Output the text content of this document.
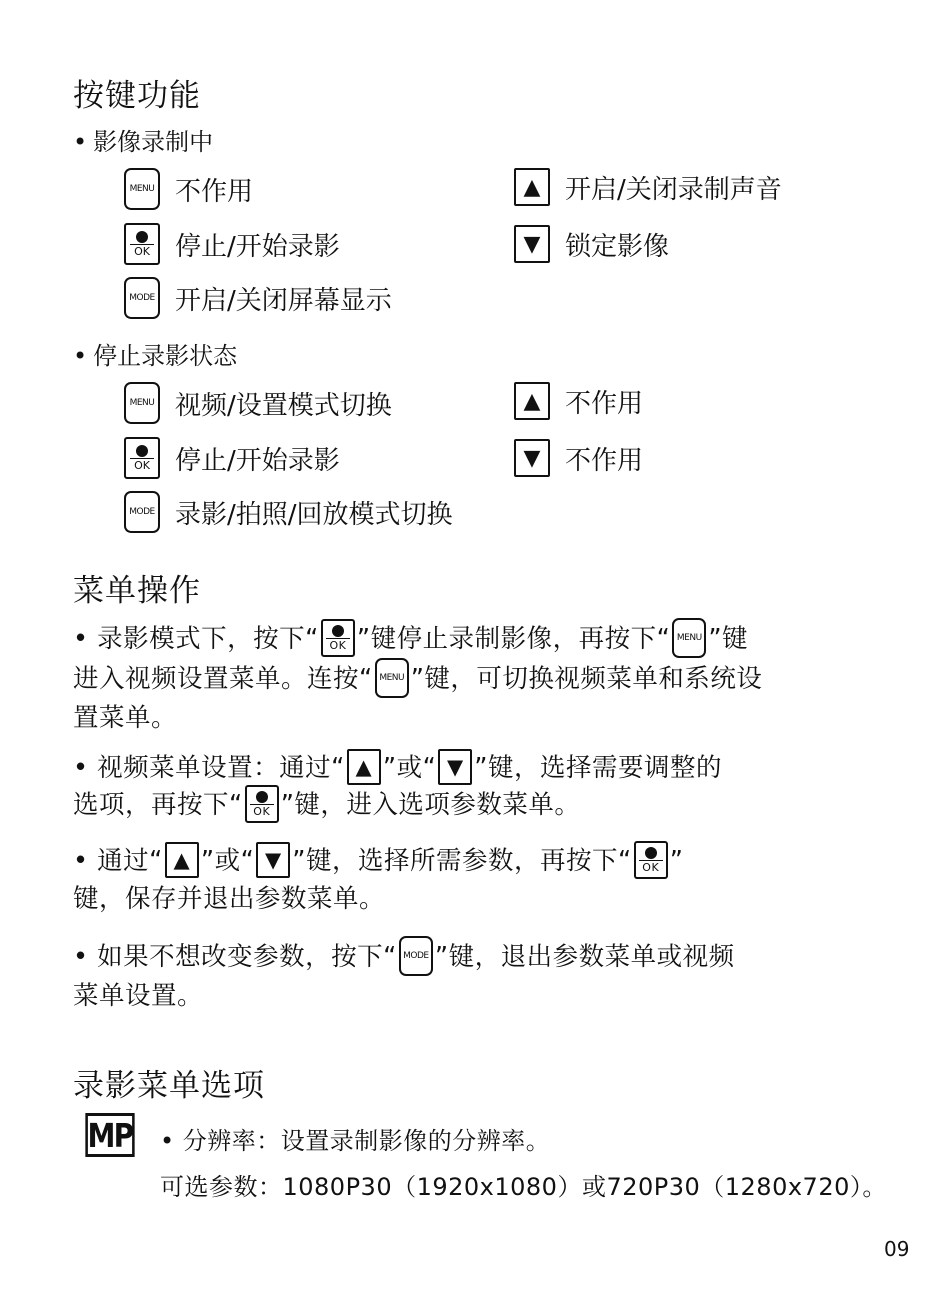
按键功能
• 影像录制中
MENU 不作用	▲ 开启/关闭录制声音
OK 停止/开始录影	▼ 锁定影像
MODE 开启/关闭屏幕显示
• 停止录影状态
MENU 视频/设置模式切换	▲ 不作用
OK 停止/开始录影	▼ 不作用
MODE 录影/拍照/回放模式切换
菜单操作
• 录影模式下，按下“ OK ”键停止录制影像，再按下“ MENU ”键
进入视频设置菜单。连按“ MENU ”键，可切换视频菜单和系统设
置菜单。
• 视频菜单设置：通过“ ▲ ”或“ ▼ ”键，选择需要调整的
选项，再按下“ OK ”键，进入选项参数菜单。
• 通过“ ▲ ”或“ ▼ ”键，选择所需参数，再按下“ OK ”
键，保存并退出参数菜单。
• 如果不想改变参数，按下“ MODE ”键，退出参数菜单或视频
菜单设置。
录影菜单选项
MP • 分辨率：设置录制影像的分辨率。
可选参数：1080P30（1920x1080）或720P30（1280x720）。
09
